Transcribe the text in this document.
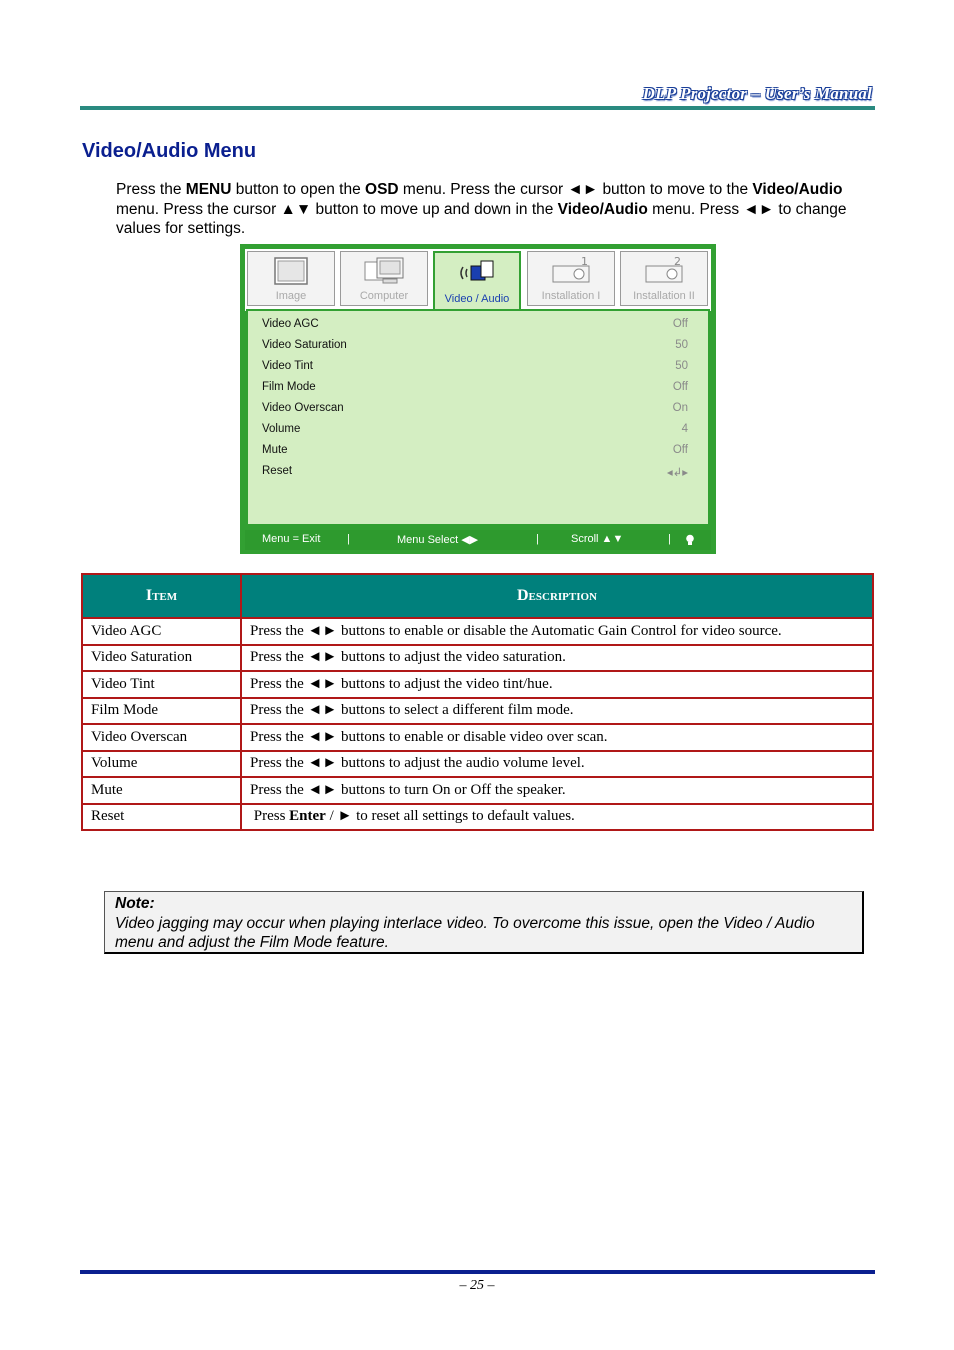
DLP Projector – User’s Manual
Video/Audio Menu
Press the MENU button to open the OSD menu. Press the cursor ◄► button to move to the Video/Audio menu. Press the cursor ▲▼ button to move up and down in the Video/Audio menu. Press ◄► to change values for settings.
Image	Computer	Video / Audio
1
Installation I
2
Installation II
Video AGC	Off
Video Saturation	50
Video Tint	50
Film Mode	Off
Video Overscan	On
Volume	4
Mute	Off
Reset	◂↲▸
Menu = Exit |	Menu Select ◀▶	|	Scroll ▲▼	|
Item	Description
Video AGC	Press the ◄► buttons to enable or disable the Automatic Gain Control for video source.
Video Saturation	Press the ◄► buttons to adjust the video saturation.
Video Tint	Press the ◄► buttons to adjust the video tint/hue.
Film Mode	Press the ◄► buttons to select a different film mode.
Video Overscan	Press the ◄► buttons to enable or disable video over scan.
Volume	Press the ◄► buttons to adjust the audio volume level.
Mute	Press the ◄► buttons to turn On or Off the speaker.
Reset	Press Enter / ► to reset all settings to default values.
Note:
Video jagging may occur when playing interlace video. To overcome this issue, open the Video / Audio menu and adjust the Film Mode feature.
– 25 –
